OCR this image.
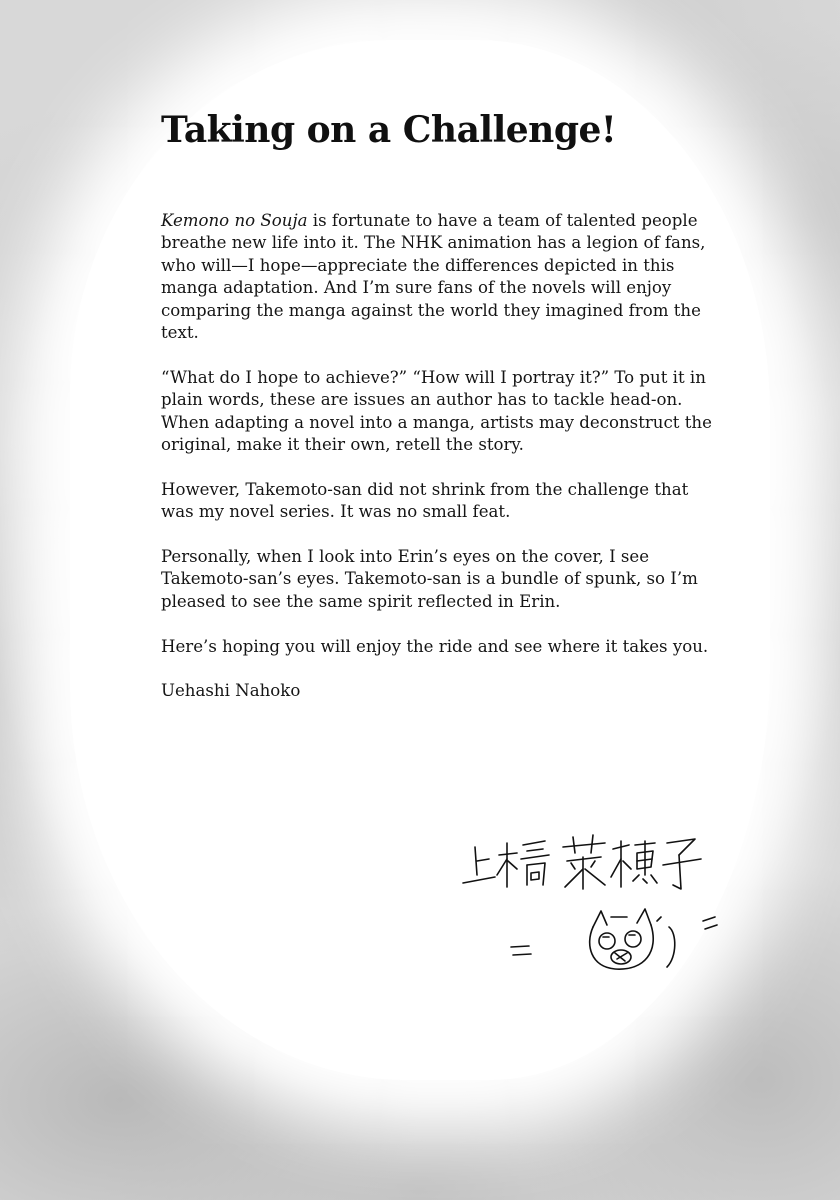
Taking on a Challenge!

Kemono no Souja is fortunate to have a team of talented people breathe new life into it. The NHK animation has a legion of fans, who will—I hope—appreciate the differences depicted in this manga adaptation. And I’m sure fans of the novels will enjoy comparing the manga against the world they imagined from the text.

“What do I hope to achieve?” “How will I portray it?” To put it in plain words, these are issues an author has to tackle head-on. When adapting a novel into a manga, artists may deconstruct the original, make it their own, retell the story.

However, Takemoto-san did not shrink from the challenge that was my novel series. It was no small feat.

Personally, when I look into Erin’s eyes on the cover, I see Takemoto-san’s eyes. Takemoto-san is a bundle of spunk, so I’m pleased to see the same spirit reflected in Erin.

Here’s hoping you will enjoy the ride and see where it takes you.

Uehashi Nahoko
